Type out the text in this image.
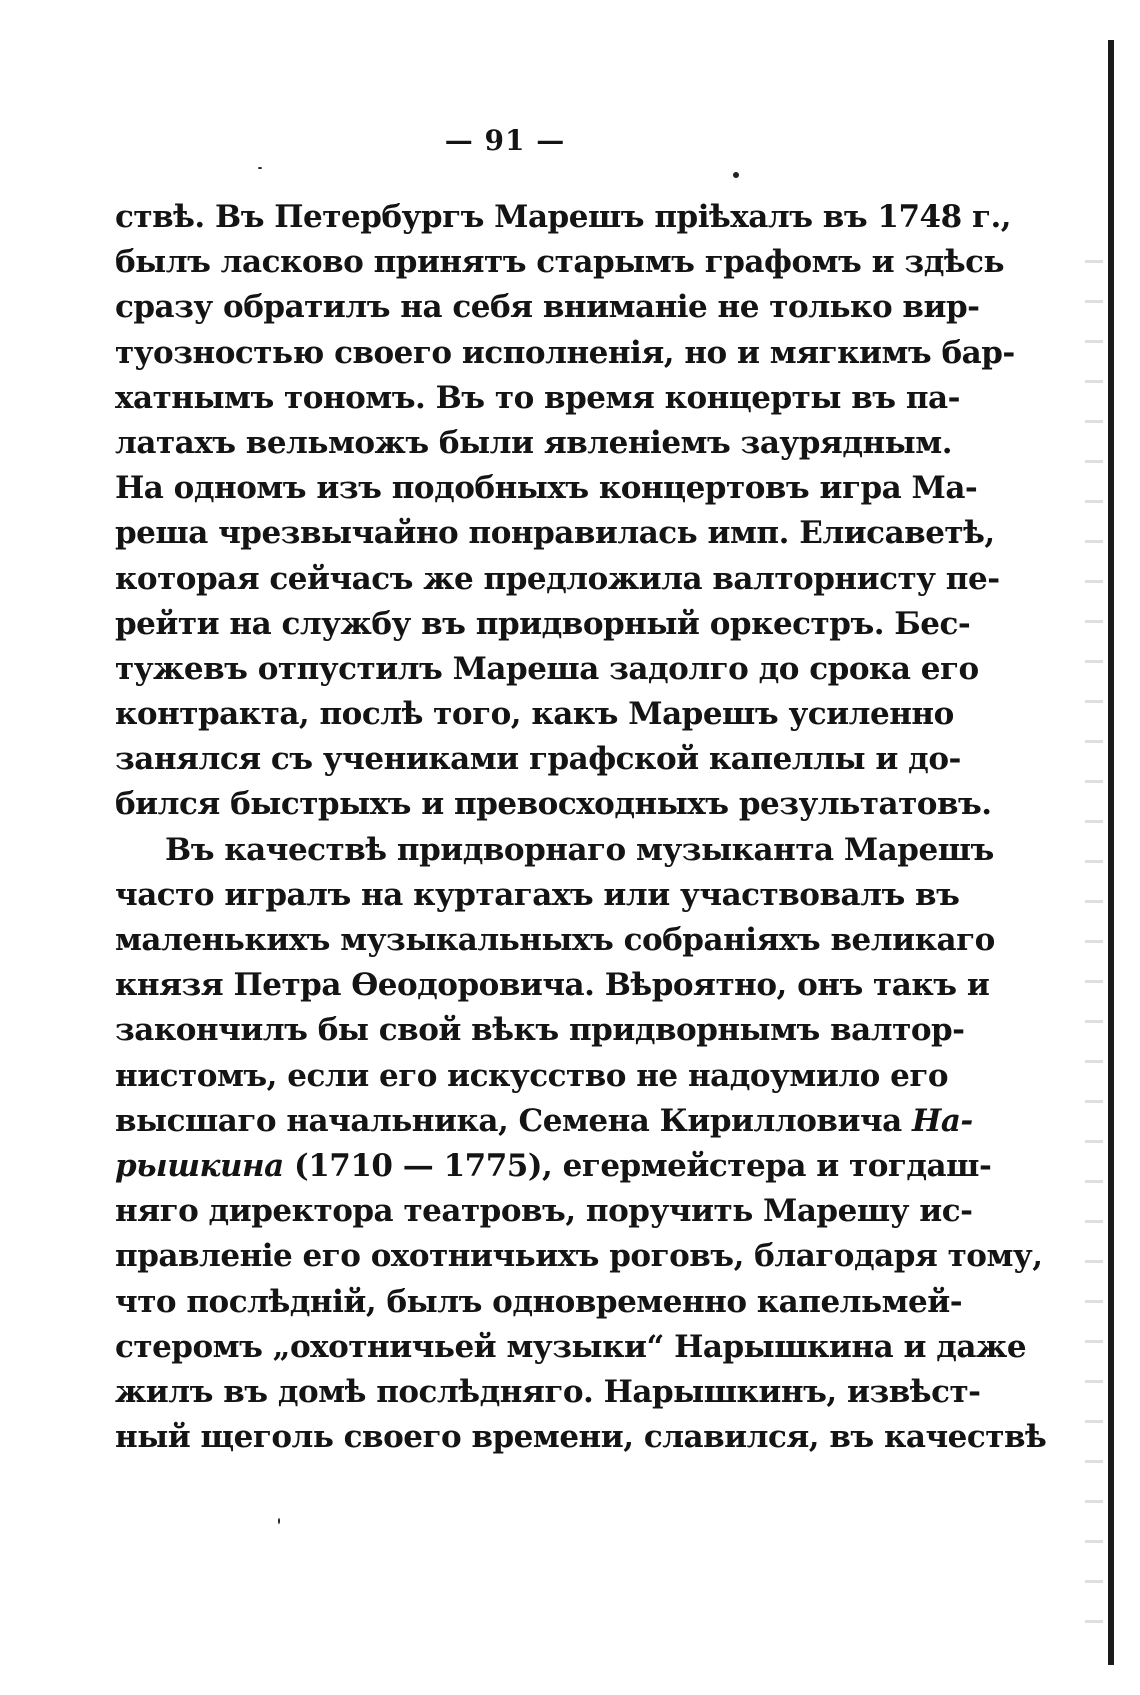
— 91 —
ствѣ. Въ Петербургъ Марешъ пріѣхалъ въ 1748 г.,
былъ ласково принятъ старымъ графомъ и здѣсь
сразу обратилъ на себя вниманіе не только вир-
туозностью своего исполненія, но и мягкимъ бар-
хатнымъ тономъ. Въ то время концерты въ па-
латахъ вельможъ были явленіемъ заурядным.
На одномъ изъ подобныхъ концертовъ игра Ма-
реша чрезвычайно понравилась имп. Елисаветѣ,
которая сейчасъ же предложила валторнисту пе-
рейти на службу въ придворный оркестръ. Бес-
тужевъ отпустилъ Мареша задолго до срока его
контракта, послѣ того, какъ Марешъ усиленно
занялся съ учениками графской капеллы и до-
бился быстрыхъ и превосходныхъ результатовъ.
Въ качествѣ придворнаго музыканта Марешъ
часто игралъ на куртагахъ или участвовалъ въ
маленькихъ музыкальныхъ собраніяхъ великаго
князя Петра Ѳеодоровича. Вѣроятно, онъ такъ и
закончилъ бы свой вѣкъ придворнымъ валтор-
нистомъ, если его искусство не надоумило его
высшаго начальника, Семена Кирилловича На-
рышкина (1710 — 1775), егермейстера и тогдаш-
няго директора театровъ, поручить Марешу ис-
правленіе его охотничьихъ роговъ, благодаря тому,
что послѣдній, былъ одновременно капельмей-
стеромъ „охотничьей музыки“ Нарышкина и даже
жилъ въ домѣ послѣдняго. Нарышкинъ, извѣст-
ный щеголь своего времени, славился, въ качествѣ
